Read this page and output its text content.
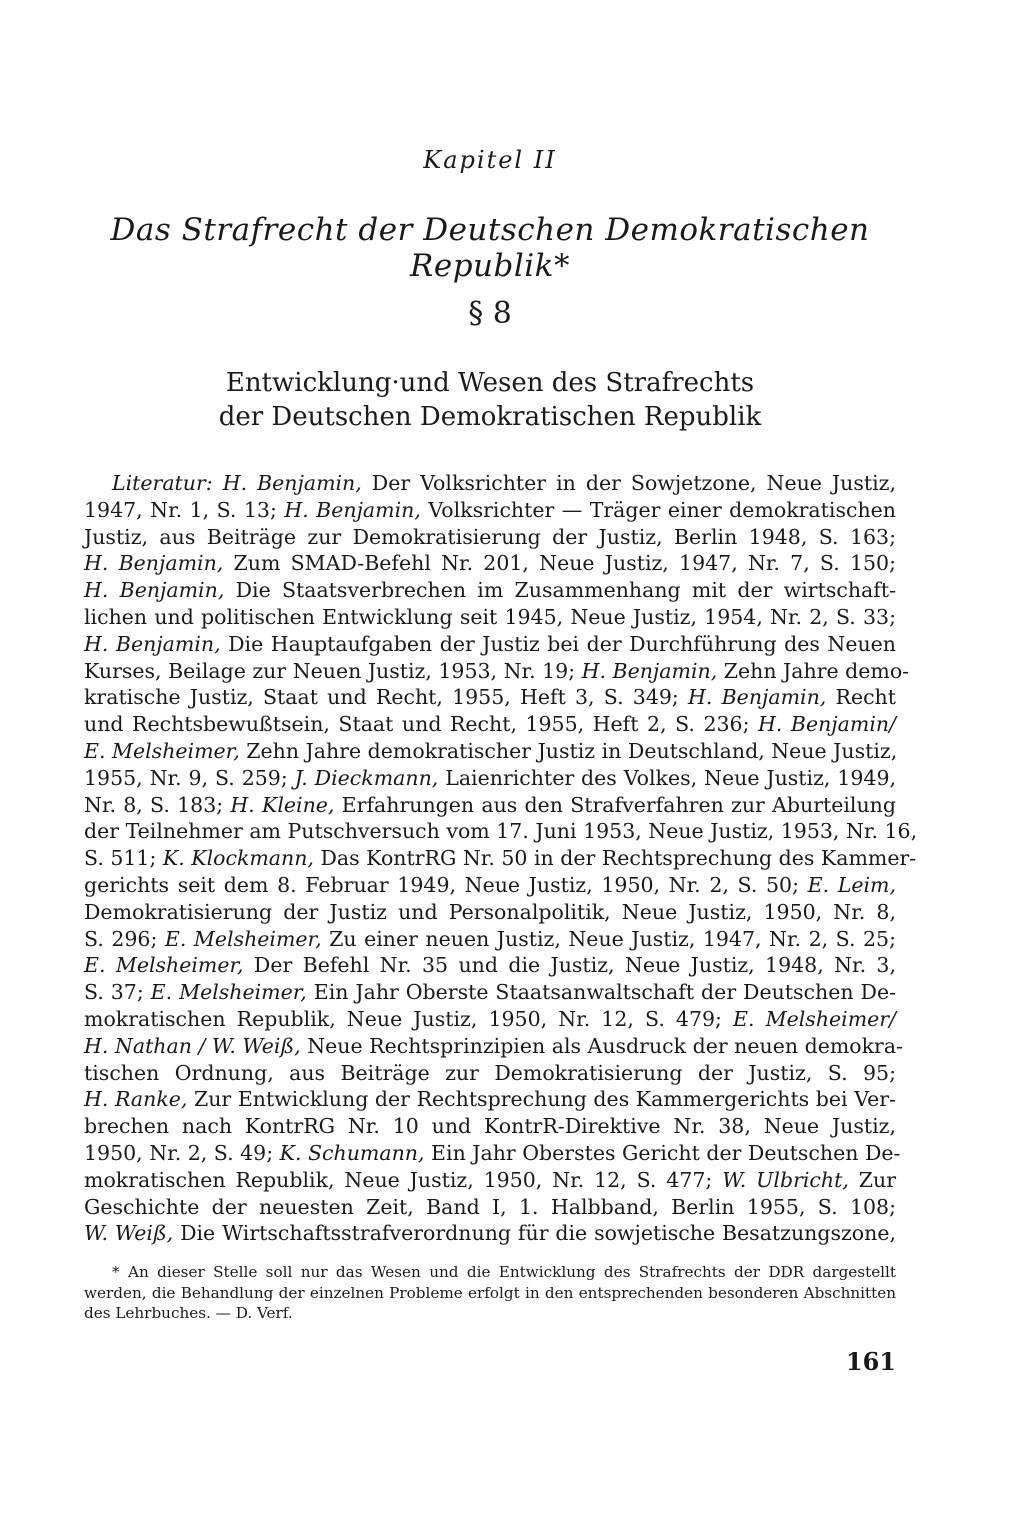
Kapitel II
Das Strafrecht der Deutschen Demokratischen Republik*
§ 8
Entwicklung·und Wesen des Strafrechts
der Deutschen Demokratischen Republik
Literatur: H. Benjamin, Der Volksrichter in der Sowjetzone, Neue Justiz,
1947, Nr. 1, S. 13; H. Benjamin, Volksrichter — Träger einer demokratischen
Justiz, aus Beiträge zur Demokratisierung der Justiz, Berlin 1948, S. 163;
H. Benjamin, Zum SMAD-Befehl Nr. 201, Neue Justiz, 1947, Nr. 7, S. 150;
H. Benjamin, Die Staatsverbrechen im Zusammenhang mit der wirtschaft-
lichen und politischen Entwicklung seit 1945, Neue Justiz, 1954, Nr. 2, S. 33;
H. Benjamin, Die Hauptaufgaben der Justiz bei der Durchführung des Neuen
Kurses, Beilage zur Neuen Justiz, 1953, Nr. 19; H. Benjamin, Zehn Jahre demo-
kratische Justiz, Staat und Recht, 1955, Heft 3, S. 349; H. Benjamin, Recht
und Rechtsbewußtsein, Staat und Recht, 1955, Heft 2, S. 236; H. Benjamin/
E. Melsheimer, Zehn Jahre demokratischer Justiz in Deutschland, Neue Justiz,
1955, Nr. 9, S. 259; J. Dieckmann, Laienrichter des Volkes, Neue Justiz, 1949,
Nr. 8, S. 183; H. Kleine, Erfahrungen aus den Strafverfahren zur Aburteilung
der Teilnehmer am Putschversuch vom 17. Juni 1953, Neue Justiz, 1953, Nr. 16,
S. 511; K. Klockmann, Das KontrRG Nr. 50 in der Rechtsprechung des Kammer-
gerichts seit dem 8. Februar 1949, Neue Justiz, 1950, Nr. 2, S. 50; E. Leim,
Demokratisierung der Justiz und Personalpolitik, Neue Justiz, 1950, Nr. 8,
S. 296; E. Melsheimer, Zu einer neuen Justiz, Neue Justiz, 1947, Nr. 2, S. 25;
E. Melsheimer, Der Befehl Nr. 35 und die Justiz, Neue Justiz, 1948, Nr. 3,
S. 37; E. Melsheimer, Ein Jahr Oberste Staatsanwaltschaft der Deutschen De-
mokratischen Republik, Neue Justiz, 1950, Nr. 12, S. 479; E. Melsheimer/
H. Nathan / W. Weiß, Neue Rechtsprinzipien als Ausdruck der neuen demokra-
tischen Ordnung, aus Beiträge zur Demokratisierung der Justiz, S. 95;
H. Ranke, Zur Entwicklung der Rechtsprechung des Kammergerichts bei Ver-
brechen nach KontrRG Nr. 10 und KontrR-Direktive Nr. 38, Neue Justiz,
1950, Nr. 2, S. 49; K. Schumann, Ein Jahr Oberstes Gericht der Deutschen De-
mokratischen Republik, Neue Justiz, 1950, Nr. 12, S. 477; W. Ulbricht, Zur
Geschichte der neuesten Zeit, Band I, 1. Halbband, Berlin 1955, S. 108;
W. Weiß, Die Wirtschaftsstrafverordnung für die sowjetische Besatzungszone,
* An dieser Stelle soll nur das Wesen und die Entwicklung des Strafrechts der DDR dargestellt
werden, die Behandlung der einzelnen Probleme erfolgt in den entsprechenden besonderen Abschnitten
des Lehrbuches. — D. Verf.
161
